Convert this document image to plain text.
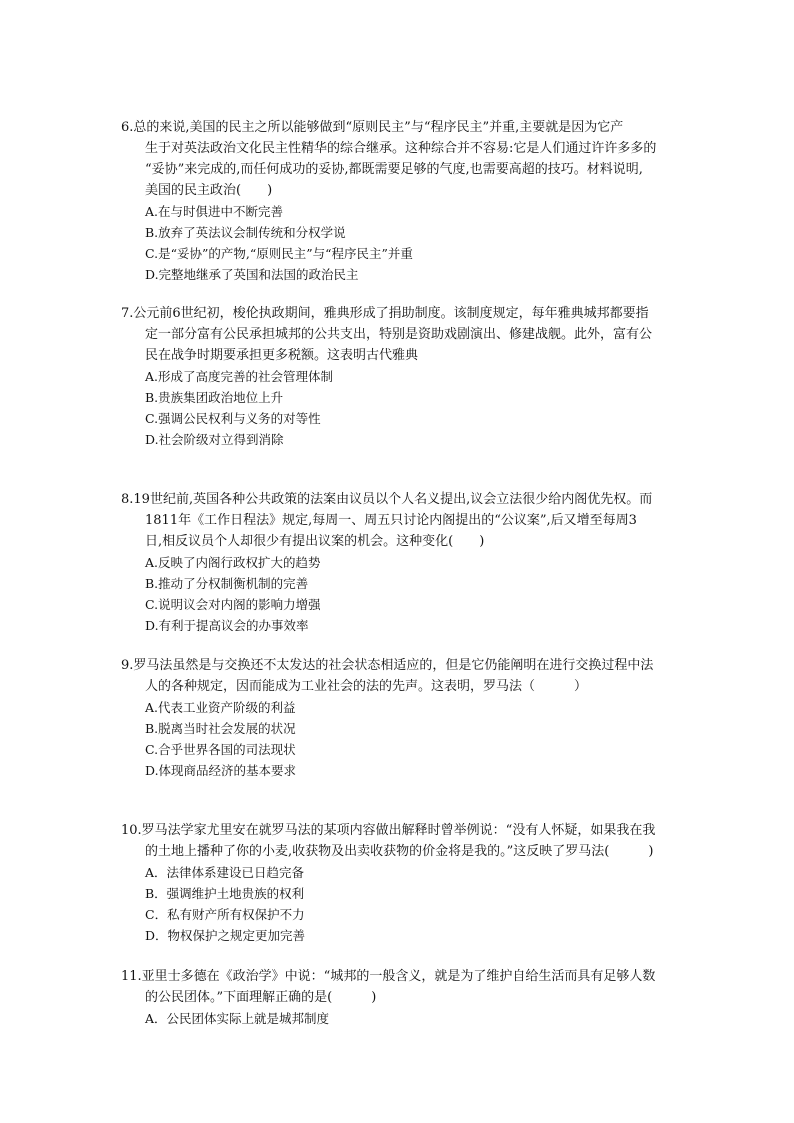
6.总的来说,美国的民主之所以能够做到“原则民主”与“程序民主”并重,主要就是因为它产
生于对英法政治文化民主性精华的综合继承。这种综合并不容易:它是人们通过许许多多的
“妥协”来完成的,而任何成功的妥协,都既需要足够的气度,也需要高超的技巧。材料说明,
美国的民主政治(　　)
A.在与时俱进中不断完善
B.放弃了英法议会制传统和分权学说
C.是“妥协”的产物,“原则民主”与“程序民主”并重
D.完整地继承了英国和法国的政治民主
7.公元前6世纪初，梭伦执政期间，雅典形成了捐助制度。该制度规定，每年雅典城邦都要指
定一部分富有公民承担城邦的公共支出，特别是资助戏剧演出、修建战舰。此外，富有公
民在战争时期要承担更多税额。这表明古代雅典
A.形成了高度完善的社会管理体制
B.贵族集团政治地位上升
C.强调公民权利与义务的对等性
D.社会阶级对立得到消除
8.19世纪前,英国各种公共政策的法案由议员以个人名义提出,议会立法很少给内阁优先权。而
1811年《工作日程法》规定,每周一、周五只讨论内阁提出的“公议案”,后又增至每周3
日,相反议员个人却很少有提出议案的机会。这种变化(　　)
A.反映了内阁行政权扩大的趋势
B.推动了分权制衡机制的完善
C.说明议会对内阁的影响力增强
D.有利于提高议会的办事效率
9.罗马法虽然是与交换还不太发达的社会状态相适应的，但是它仍能阐明在进行交换过程中法
人的各种规定，因而能成为工业社会的法的先声。这表明，罗马法（　　　）
A.代表工业资产阶级的利益
B.脱离当时社会发展的状况
C.合乎世界各国的司法现状
D.体现商品经济的基本要求
10.罗马法学家尤里安在就罗马法的某项内容做出解释时曾举例说：“没有人怀疑，如果我在我
的土地上播种了你的小麦,收获物及出卖收获物的价金将是我的。”这反映了罗马法(　　　)
A．法律体系建设已日趋完备
B．强调维护土地贵族的权利
C．私有财产所有权保护不力
D．物权保护之规定更加完善
11.亚里士多德在《政治学》中说：“城邦的一般含义，就是为了维护自给生活而具有足够人数
的公民团体。”下面理解正确的是(　　　)
A．公民团体实际上就是城邦制度
